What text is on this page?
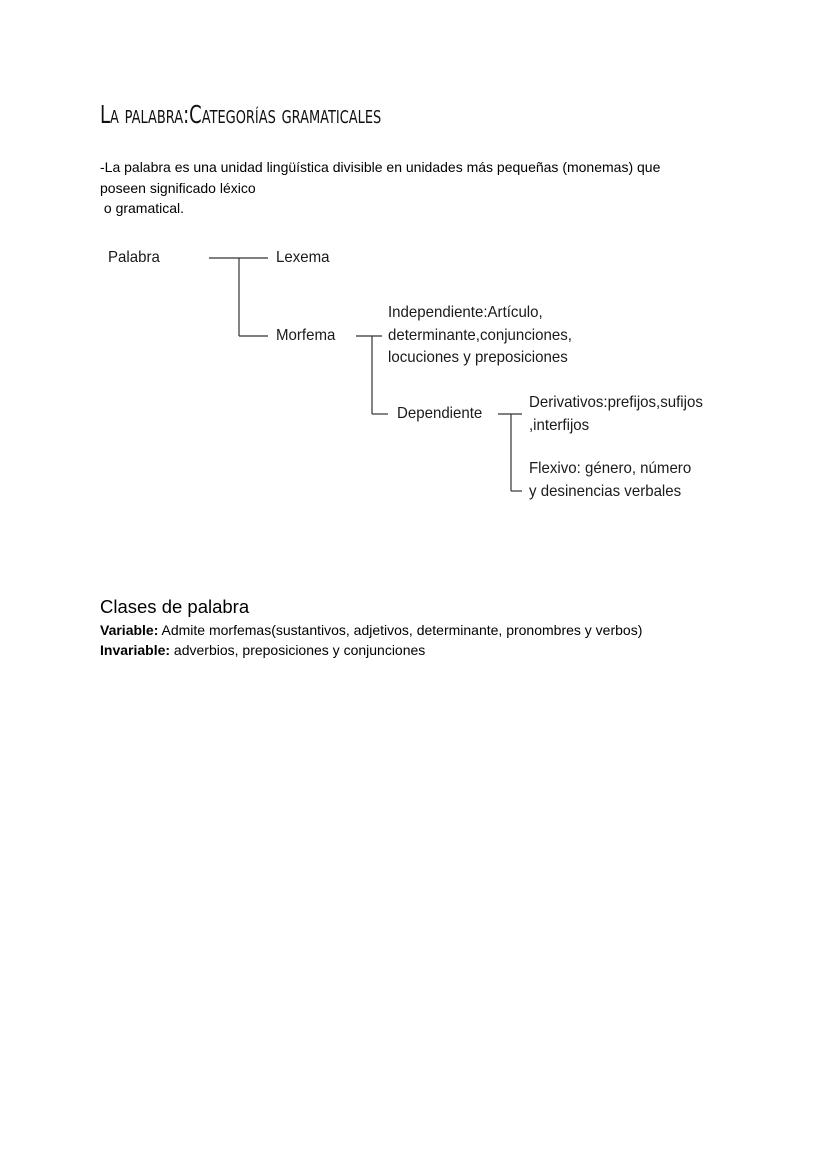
La palabra:Categorías gramaticales

-La palabra es una unidad lingüística divisible en unidades más pequeñas (monemas) que

poseen significado léxico

o gramatical.

Palabra	Lexema
Morfema
Independiente:Artículo,
determinante,conjunciones,
locuciones y preposiciones
Dependiente
Derivativos:prefijos,sufijos
,interfijos
Flexivo: género, número
y desinencias verbales
Clases de palabra
Variable: Admite morfemas(sustantivos, adjetivos, determinante, pronombres y verbos)
Invariable: adverbios, preposiciones y conjunciones
